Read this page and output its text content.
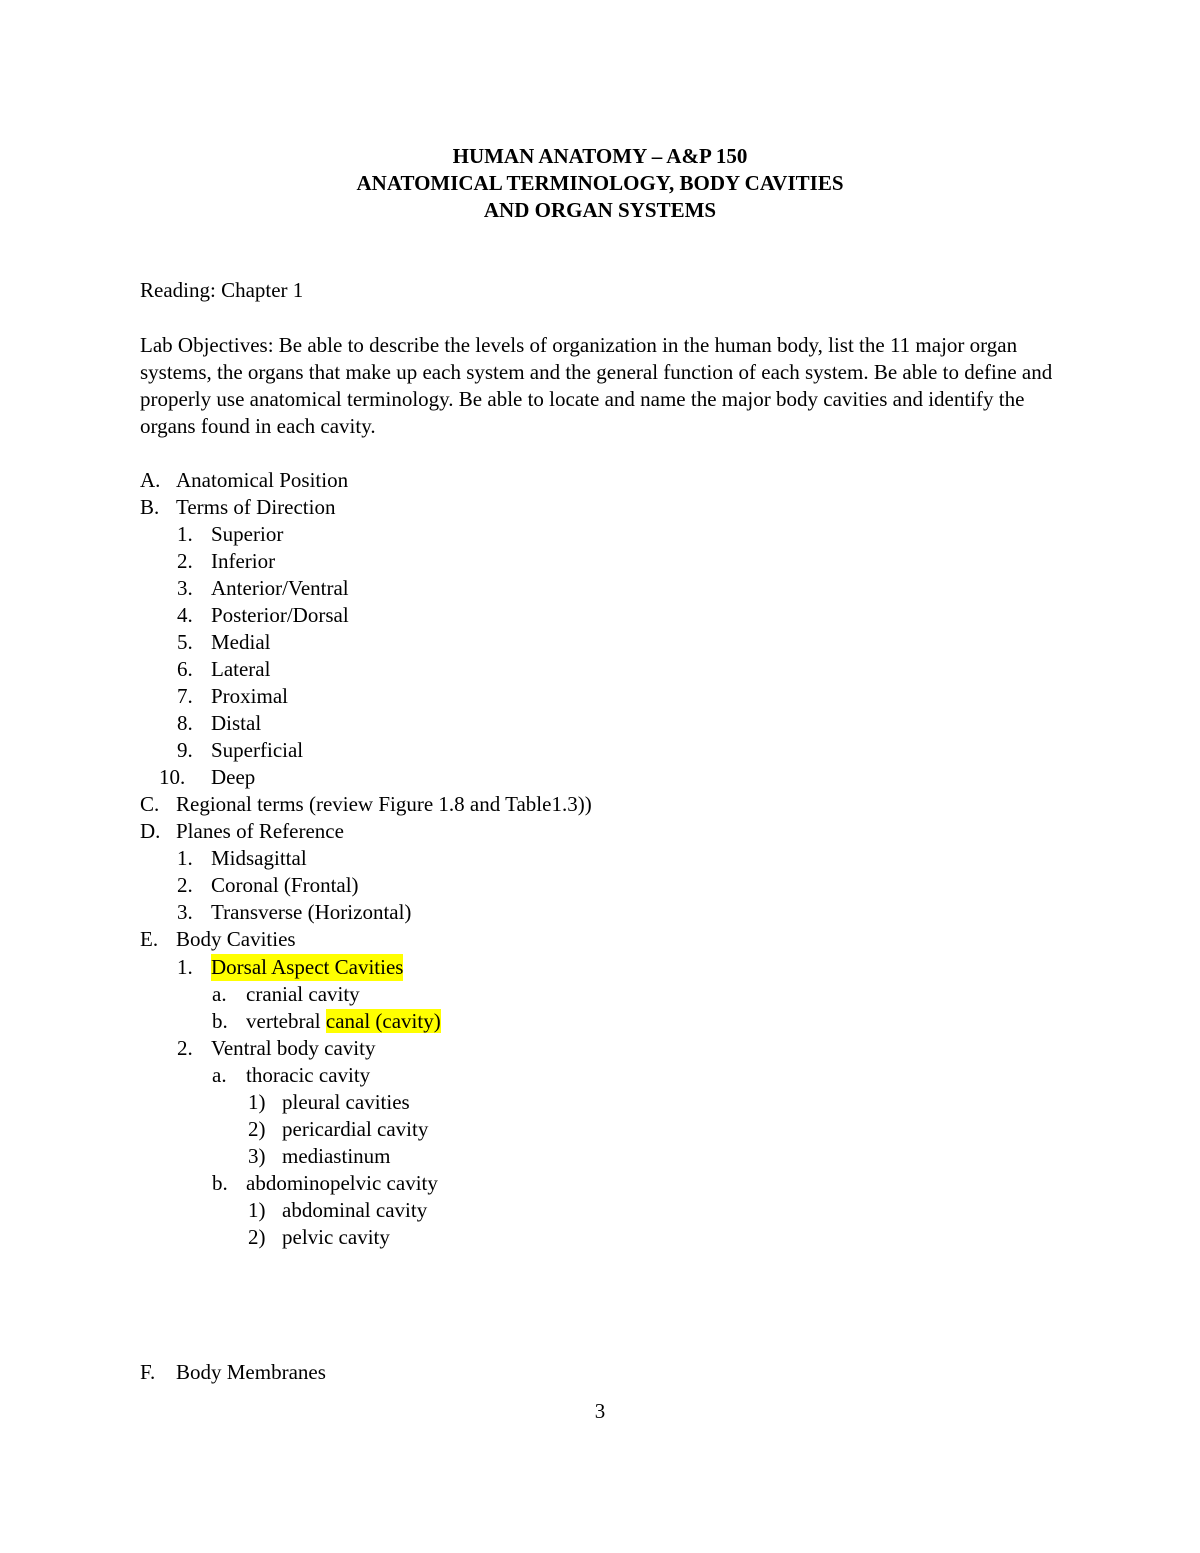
HUMAN ANATOMY – A&P 150
ANATOMICAL TERMINOLOGY, BODY CAVITIES
AND ORGAN SYSTEMS

Reading: Chapter 1

Lab Objectives: Be able to describe the levels of organization in the human body, list the 11 major organ systems, the organs that make up each system and the general function of each system. Be able to define and properly use anatomical terminology. Be able to locate and name the major body cavities and identify the organs found in each cavity.

A. Anatomical Position
B. Terms of Direction
1. Superior
2. Inferior
3. Anterior/Ventral
4. Posterior/Dorsal
5. Medial
6. Lateral
7. Proximal
8. Distal
9. Superficial
10. Deep
C. Regional terms (review Figure 1.8 and Table1.3))
D. Planes of Reference
1. Midsagittal
2. Coronal (Frontal)
3. Transverse (Horizontal)
E. Body Cavities
1. Dorsal Aspect Cavities
a. cranial cavity
b. vertebral canal (cavity)
2. Ventral body cavity
a. thoracic cavity
1) pleural cavities
2) pericardial cavity
3) mediastinum
b. abdominopelvic cavity
1) abdominal cavity
2) pelvic cavity
F. Body Membranes
3
